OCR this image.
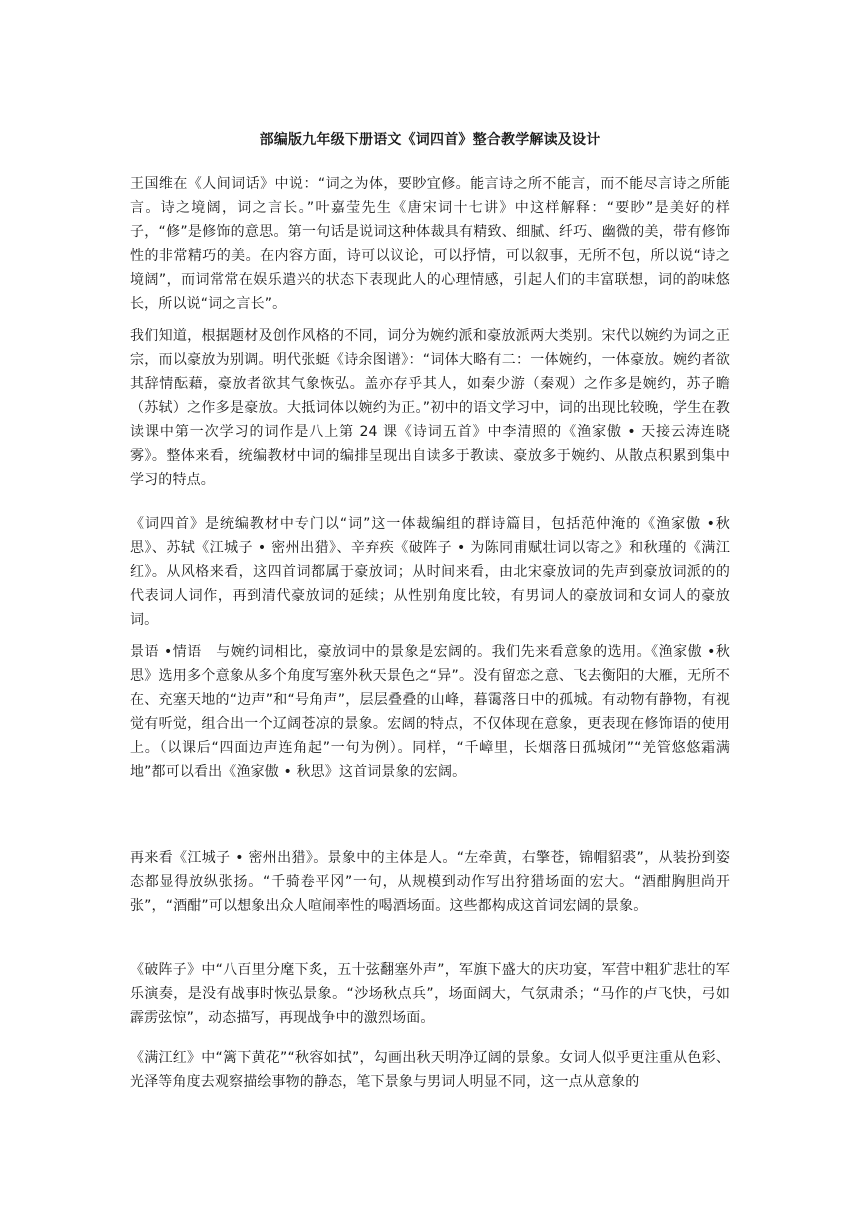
部编版九年级下册语文《词四首》整合教学解读及设计

王国维在《人间词话》中说：“词之为体，要眇宜修。能言诗之所不能言，而不能尽言诗之所能言。诗之境阔，词之言长。”叶嘉莹先生《唐宋词十七讲》中这样解释：“要眇”是美好的样子，“修”是修饰的意思。第一句话是说词这种体裁具有精致、细腻、纤巧、幽微的美，带有修饰性的非常精巧的美。在内容方面，诗可以议论，可以抒情，可以叙事，无所不包，所以说“诗之境阔”，而词常常在娱乐遣兴的状态下表现此人的心理情感，引起人们的丰富联想，词的韵味悠长，所以说“词之言长”。

我们知道，根据题材及创作风格的不同，词分为婉约派和豪放派两大类别。宋代以婉约为词之正宗，而以豪放为别调。明代张蜓《诗余图谱》：“词体大略有二：一体婉约，一体豪放。婉约者欲其辞情酝藉，豪放者欲其气象恢弘。盖亦存乎其人，如秦少游（秦观）之作多是婉约，苏子瞻（苏轼）之作多是豪放。大抵词体以婉约为正。”初中的语文学习中，词的出现比较晚，学生在教读课中第一次学习的词作是八上第 24 课《诗词五首》中李清照的《渔家傲 • 天接云涛连晓雾》。整体来看，统编教材中词的编排呈现出自读多于教读、豪放多于婉约、从散点积累到集中学习的特点。

《词四首》是统编教材中专门以“词”这一体裁编组的群诗篇目，包括范仲淹的《渔家傲 •秋思》、苏轼《江城子 • 密州出猎》、辛弃疾《破阵子 • 为陈同甫赋壮词以寄之》和秋瑾的《满江红》。从风格来看，这四首词都属于豪放词；从时间来看，由北宋豪放词的先声到豪放词派的的代表词人词作，再到清代豪放词的延续；从性别角度比较，有男词人的豪放词和女词人的豪放词。

景语 •情语　与婉约词相比，豪放词中的景象是宏阔的。我们先来看意象的选用。《渔家傲 •秋思》选用多个意象从多个角度写塞外秋天景色之“异”。没有留恋之意、飞去衡阳的大雁，无所不在、充塞天地的“边声”和“号角声”，层层叠叠的山峰，暮霭落日中的孤城。有动物有静物，有视觉有听觉，组合出一个辽阔苍凉的景象。宏阔的特点，不仅体现在意象，更表现在修饰语的使用上。（以课后“四面边声连角起”一句为例）。同样，“千嶂里，长烟落日孤城闭”“羌管悠悠霜满地”都可以看出《渔家傲 • 秋思》这首词景象的宏阔。

再来看《江城子 • 密州出猎》。景象中的主体是人。“左牵黄，右擎苍，锦帽貂裘”，从装扮到姿态都显得放纵张扬。“千骑卷平冈”一句，从规模到动作写出狩猎场面的宏大。“酒酣胸胆尚开张”，“酒酣”可以想象出众人喧闹率性的喝酒场面。这些都构成这首词宏阔的景象。

《破阵子》中“八百里分麾下炙，五十弦翻塞外声”，军旗下盛大的庆功宴，军营中粗犷悲壮的军乐演奏，是没有战事时恢弘景象。“沙场秋点兵”，场面阔大，气氛肃杀；“马作的卢飞快，弓如霹雳弦惊”，动态描写，再现战争中的激烈场面。

《满江红》中“篱下黄花”“秋容如拭”，勾画出秋天明净辽阔的景象。女词人似乎更注重从色彩、光泽等角度去观察描绘事物的静态，笔下景象与男词人明显不同，这一点从意象的
